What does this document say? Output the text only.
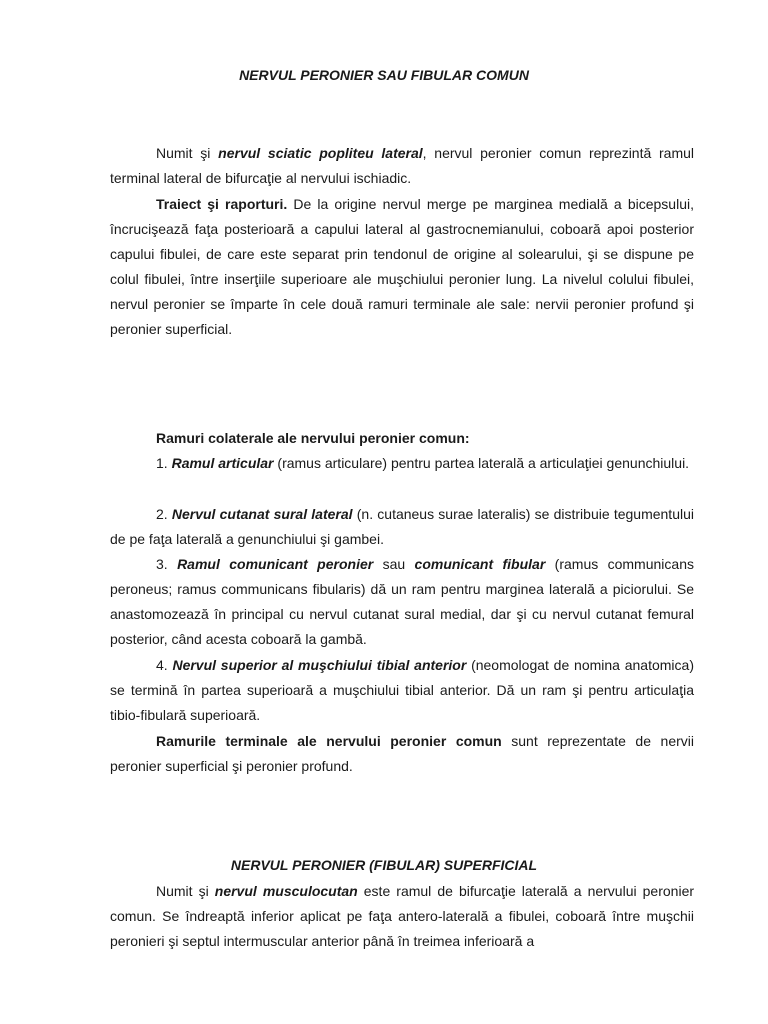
NERVUL PERONIER SAU FIBULAR COMUN

Numit şi nervul sciatic popliteu lateral, nervul peronier comun reprezintă ramul terminal lateral de bifurcaţie al nervului ischiadic.

Traiect şi raporturi. De la origine nervul merge pe marginea medială a bicepsului, încrucişează faţa posterioară a capului lateral al gastrocnemianului, coboară apoi posterior capului fibulei, de care este separat prin tendonul de origine al solearului, şi se dispune pe colul fibulei, între inserţiile superioare ale muşchiului peronier lung. La nivelul colului fibulei, nervul peronier se împarte în cele două ramuri terminale ale sale: nervii peronier profund şi peronier superficial.

Ramuri colaterale ale nervului peronier comun:

1. Ramul articular (ramus articulare) pentru partea laterală a articulaţiei genunchiului.

2. Nervul cutanat sural lateral (n. cutaneus surae lateralis) se distribuie tegumentului de pe faţa laterală a genunchiului şi gambei.

3. Ramul comunicant peronier sau comunicant fibular (ramus communicans peroneus; ramus communicans fibularis) dă un ram pentru marginea laterală a piciorului. Se anastomozează în principal cu nervul cutanat sural medial, dar şi cu nervul cutanat femural posterior, când acesta coboară la gambă.

4. Nervul superior al muşchiului tibial anterior (neomologat de nomina anatomica) se termină în partea superioară a muşchiului tibial anterior. Dă un ram şi pentru articulaţia tibio-fibulară superioară.

Ramurile terminale ale nervului peronier comun sunt reprezentate de nervii peronier superficial şi peronier profund.

NERVUL PERONIER (FIBULAR) SUPERFICIAL

Numit şi nervul musculocutan este ramul de bifurcaţie laterală a nervului peronier comun. Se îndreaptă inferior aplicat pe faţa antero-laterală a fibulei, coboară între muşchii peronieri şi septul intermuscular anterior până în treimea inferioară a
